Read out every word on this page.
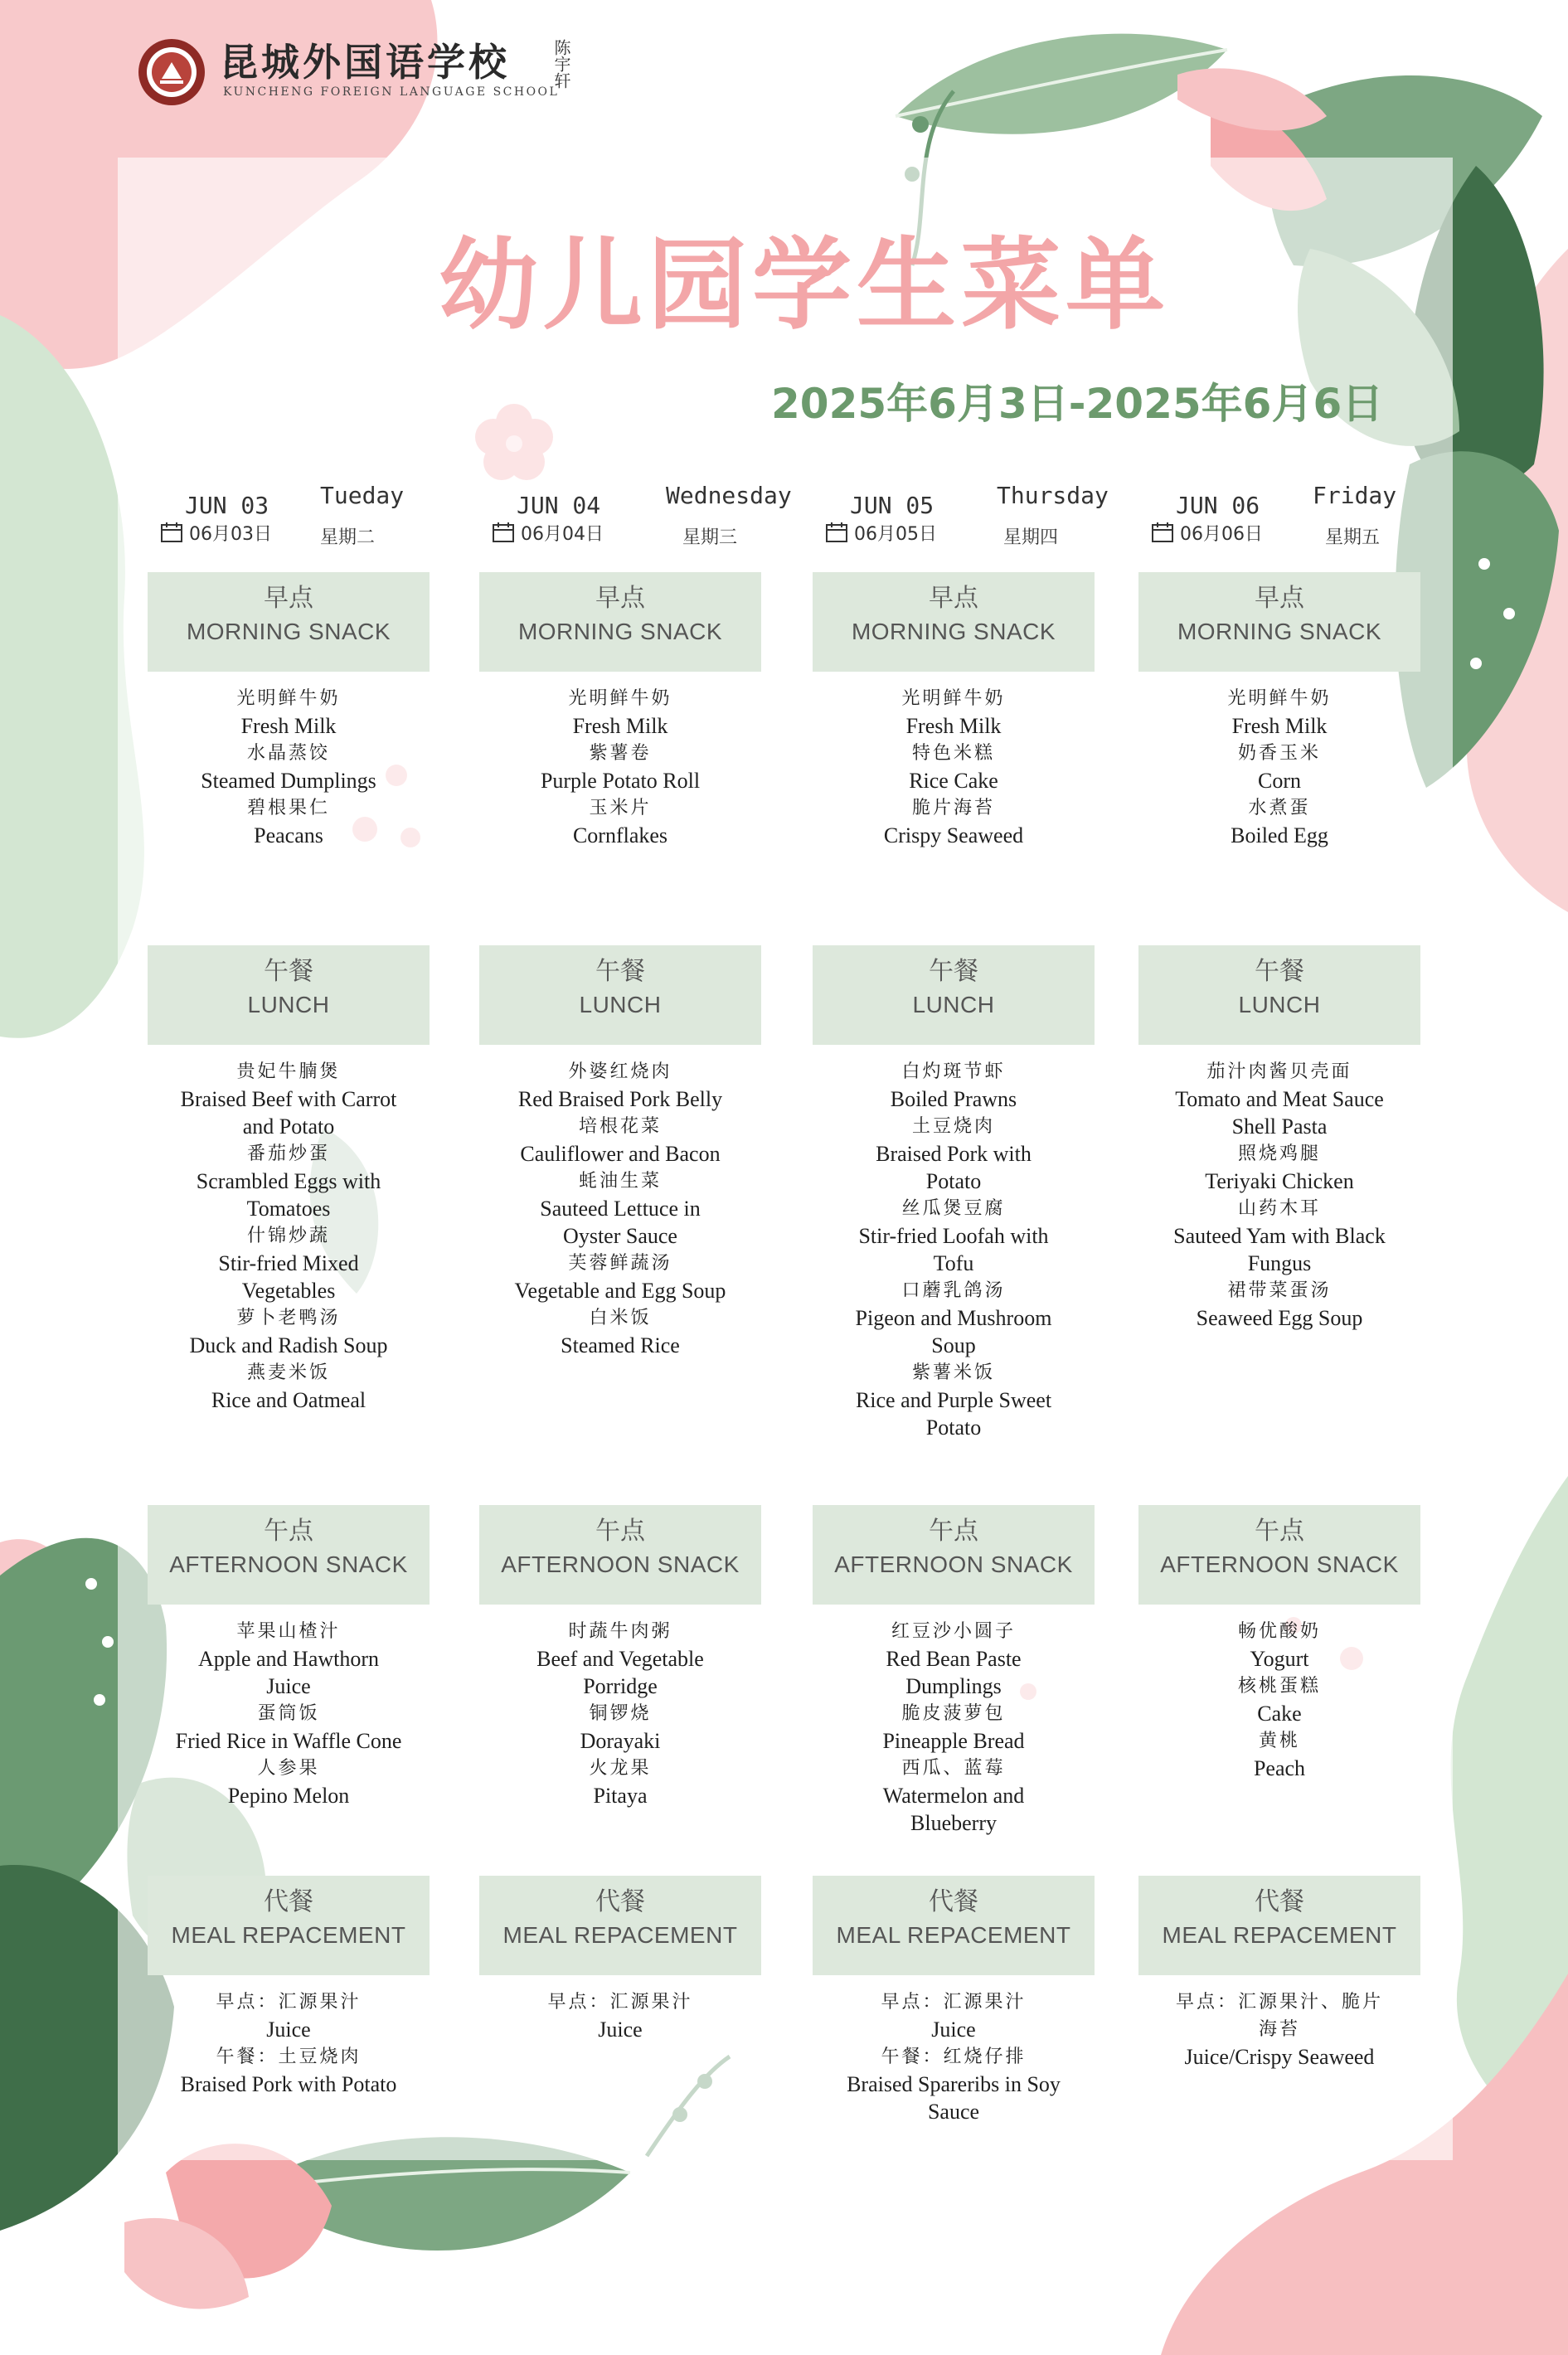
昆城外国语学校
KUNCHENG FOREIGN LANGUAGE SCHOOL
陈宇轩
幼儿园学生菜单
2025年6月3日-2025年6月6日
JUN 03
06月03日
Tueday
星期二
早点
MORNING SNACK
光明鲜牛奶
Fresh Milk
水晶蒸饺
Steamed Dumplings
碧根果仁
Peacans
午餐
LUNCH
贵妃牛腩煲
Braised Beef with Carrot
and Potato
番茄炒蛋
Scrambled Eggs with
Tomatoes
什锦炒蔬
Stir-fried Mixed
Vegetables
萝卜老鸭汤
Duck and Radish Soup
燕麦米饭
Rice and Oatmeal
午点
AFTERNOON SNACK
苹果山楂汁
Apple and Hawthorn
Juice
蛋筒饭
Fried Rice in Waffle Cone
人参果
Pepino Melon
代餐
MEAL REPACEMENT
早点：汇源果汁
Juice
午餐：土豆烧肉
Braised Pork with Potato
JUN 04
06月04日
Wednesday
星期三
早点
MORNING SNACK
光明鲜牛奶
Fresh Milk
紫薯卷
Purple Potato Roll
玉米片
Cornflakes
午餐
LUNCH
外婆红烧肉
Red Braised Pork Belly
培根花菜
Cauliflower and Bacon
蚝油生菜
Sauteed Lettuce in
Oyster Sauce
芙蓉鲜蔬汤
Vegetable and Egg Soup
白米饭
Steamed Rice
午点
AFTERNOON SNACK
时蔬牛肉粥
Beef and Vegetable
Porridge
铜锣烧
Dorayaki
火龙果
Pitaya
代餐
MEAL REPACEMENT
早点：汇源果汁
Juice
JUN 05
06月05日
Thursday
星期四
早点
MORNING SNACK
光明鲜牛奶
Fresh Milk
特色米糕
Rice Cake
脆片海苔
Crispy Seaweed
午餐
LUNCH
白灼斑节虾
Boiled Prawns
土豆烧肉
Braised Pork with
Potato
丝瓜煲豆腐
Stir-fried Loofah with
Tofu
口蘑乳鸽汤
Pigeon and Mushroom
Soup
紫薯米饭
Rice and Purple Sweet
Potato
午点
AFTERNOON SNACK
红豆沙小圆子
Red Bean Paste
Dumplings
脆皮菠萝包
Pineapple Bread
西瓜、蓝莓
Watermelon and
Blueberry
代餐
MEAL REPACEMENT
早点：汇源果汁
Juice
午餐：红烧仔排
Braised Spareribs in Soy
Sauce
JUN 06
06月06日
Friday
星期五
早点
MORNING SNACK
光明鲜牛奶
Fresh Milk
奶香玉米
Corn
水煮蛋
Boiled Egg
午餐
LUNCH
茄汁肉酱贝壳面
Tomato and Meat Sauce
Shell Pasta
照烧鸡腿
Teriyaki Chicken
山药木耳
Sauteed Yam with Black
Fungus
裙带菜蛋汤
Seaweed Egg Soup
午点
AFTERNOON SNACK
畅优酸奶
Yogurt
核桃蛋糕
Cake
黄桃
Peach
代餐
MEAL REPACEMENT
早点：汇源果汁、脆片
海苔
Juice/Crispy Seaweed
